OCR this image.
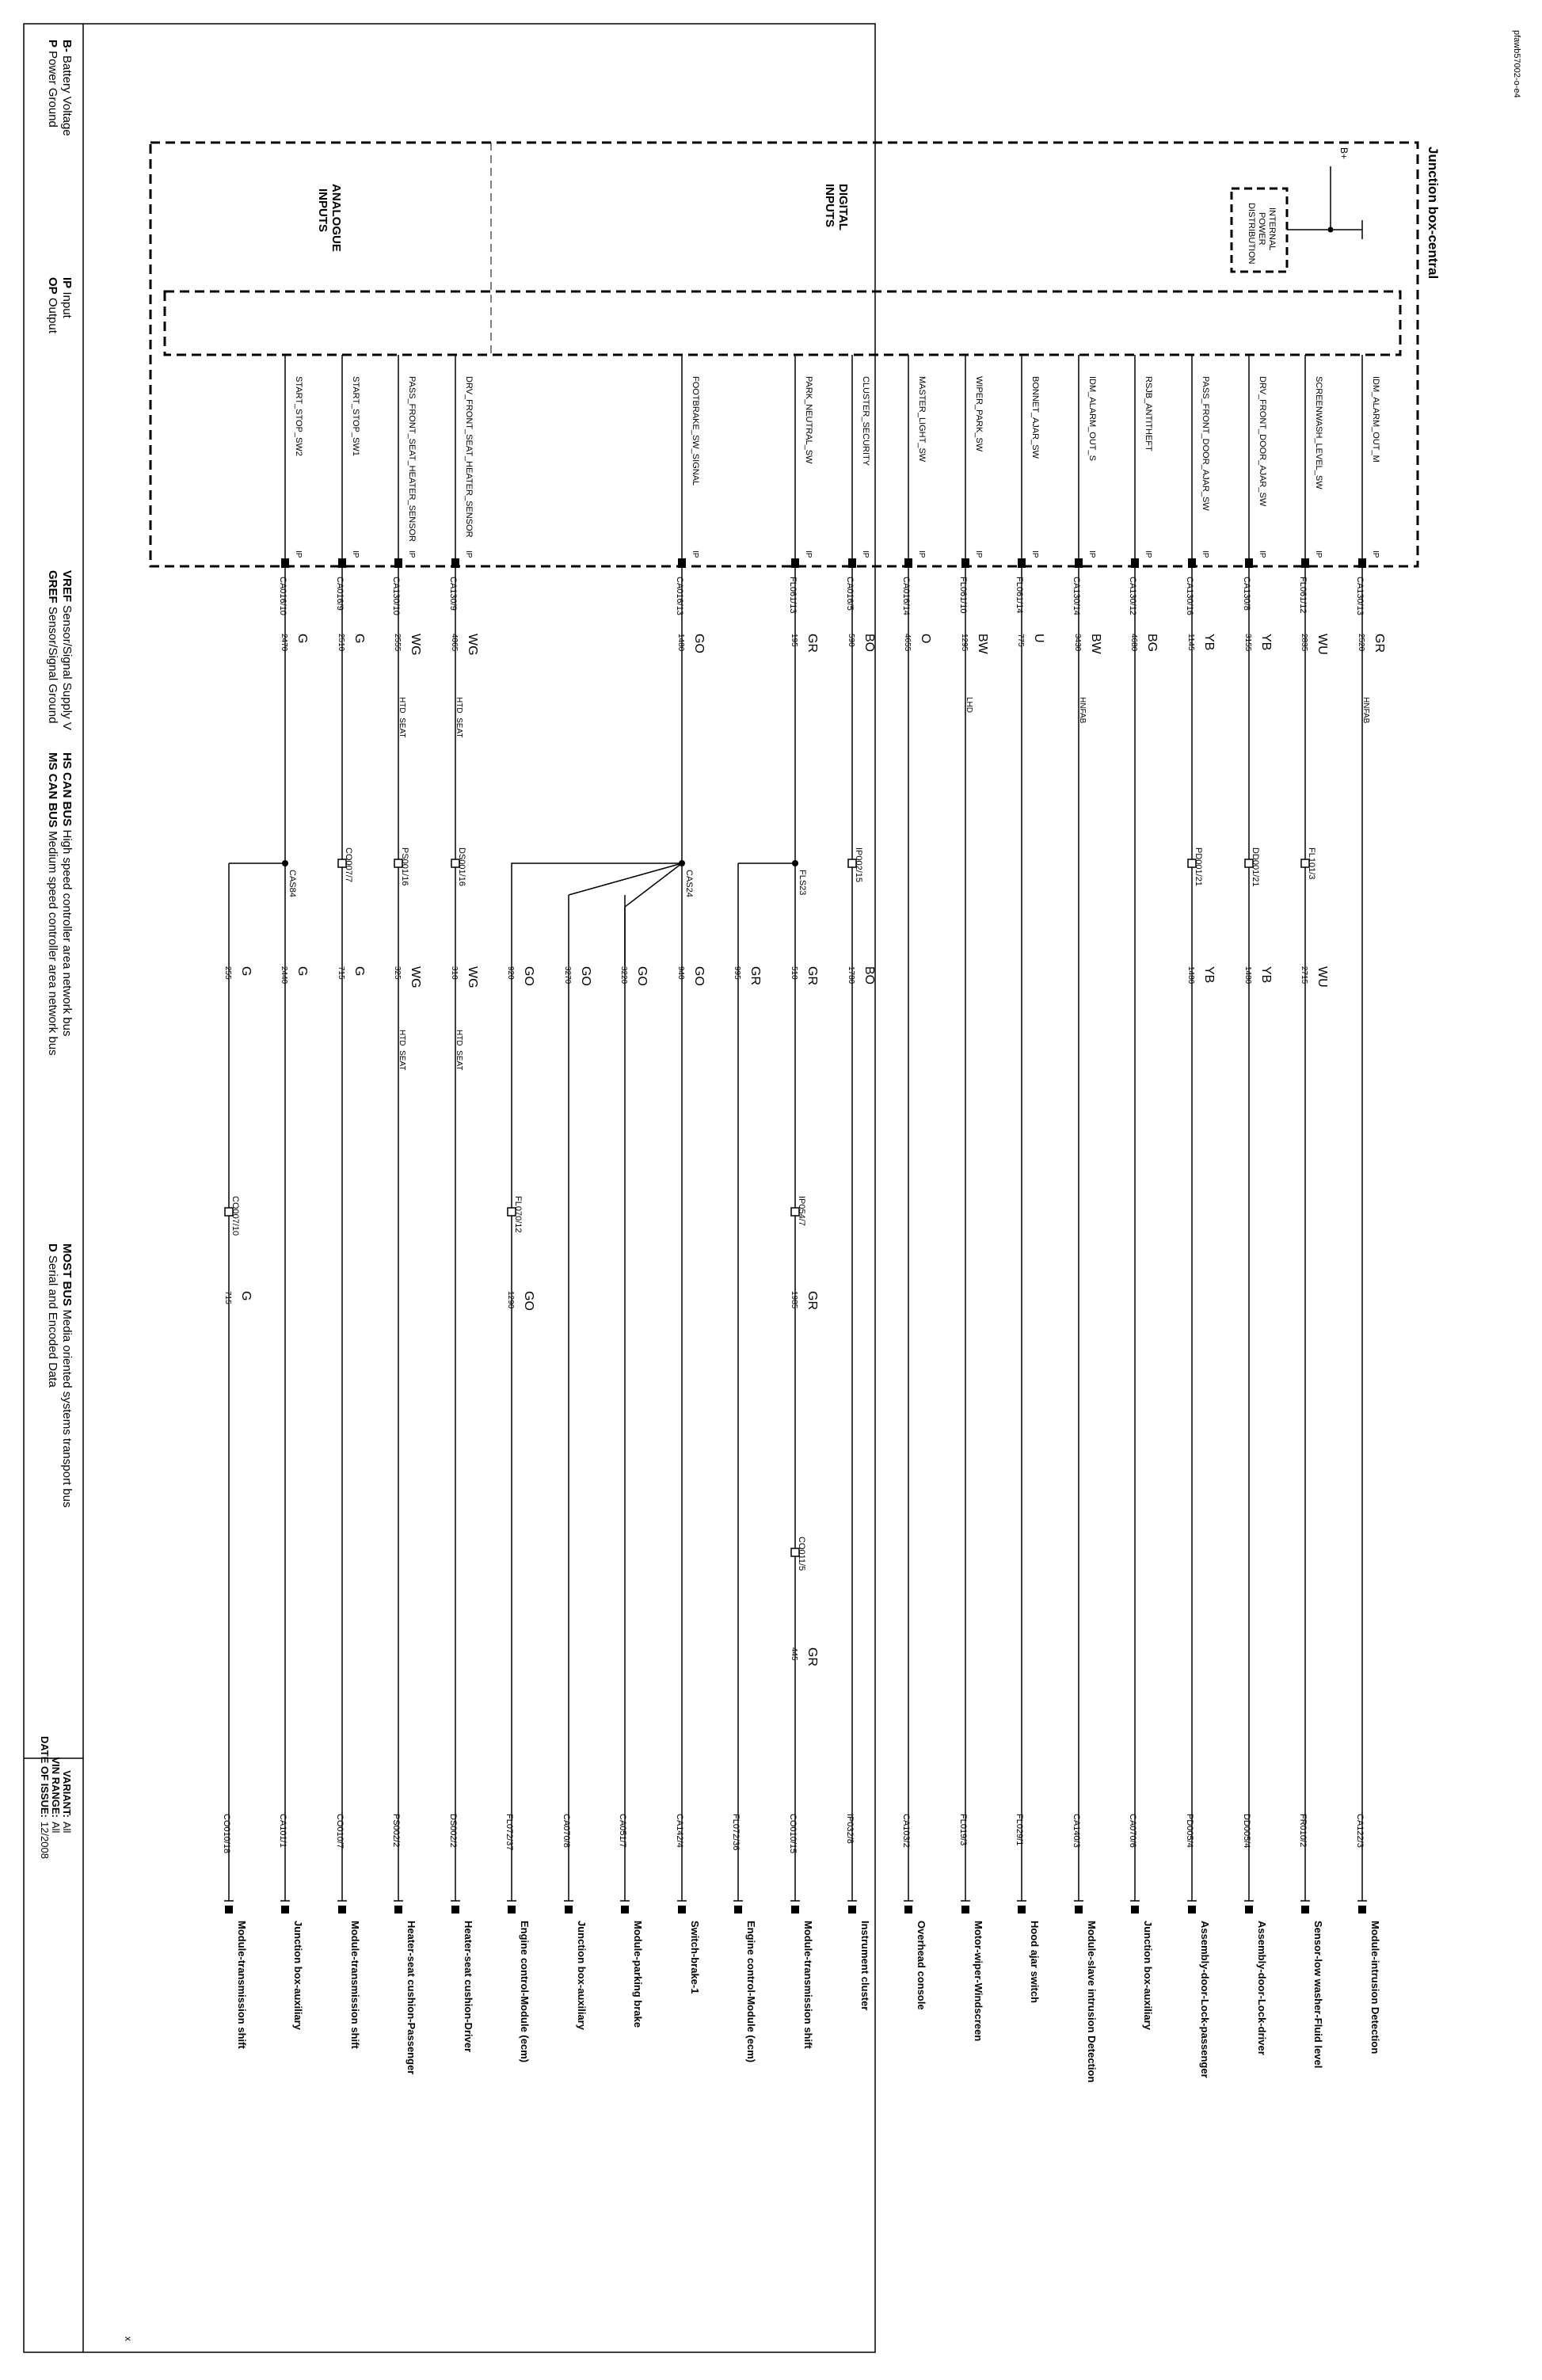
B- Battery Voltage
P Power Ground
IP Input
OP Output
VREF Sensor/Signal Supply V
GREF Sensor/Signal Ground
HS CAN BUS High speed controller area network bus
MS CAN BUS Medium speed controller area network bus
MOST BUS Media oriented systems transport bus
D Serial and Encoded Data
VARIANT:
All
VIN RANGE:
All
DATE OF ISSUE:
12/2008
pfawb57002-o-e4
Junction box-central
INTERNAL
POWER
DISTRIBUTION
B+
DIGITAL
INPUTS
ANALOGUE
INPUTS
IDM_ALARM_OUT_M
IP
CA130/13
GR
2520
HNFAB
CA122/3
Module-intrusion Detection
SCREENWASH_LEVEL_SW
IP
FL061/12
WU
2835
WU
2715
FL101/3
FR010/2
Sensor-low washer-Fluid level
DRV_FRONT_DOOR_AJAR_SW
IP
CA130/8
YB
3155
YB
1480
DD001/21
DD005/4
Assembly-door-Lock-driver
PASS_FRONT_DOOR_AJAR_SW
IP
CA130/16
YB
1145
YB
1480
PD001/21
PD005/4
Assembly-door-Lock-passenger
RSJB_ANTITHEFT
IP
CA130/12
BG
4680
CA070/6
Junction box-auxiliary
IDM_ALARM_OUT_S
IP
CA130/14
BW
3430
HNFAB
CA140/3
Module-slave intrusion Detection
BONNET_AJAR_SW
IP
FL061/14
U
775
FL029/1
Hood ajar switch
WIPER_PARK_SW
IP
FL061/10
BW
1295
LHD
FL019/3
Motor-wiper-Windscreen
MASTER_LIGHT_SW
IP
CA016/14
O
4655
CA103/2
Overhead console
CLUSTER_SECURITY
IP
CA016/5
BO
590
BO
1780
IP002/15
IP032/8
Instrument cluster
PARK_NEUTRAL_SW
IP
FL061/13
GR
195
GR
510
GR
1985
GR
445
FLS23
IP054/7
CO011/5
CO010/15
Module-transmission shift
GR
995
FL072/36
Engine control-Module (ecm)
FOOTBRAKE_SW_SIGNAL
IP
CA016/13
GO
1480
GO
940
CAS24
CA142/4
Switch-brake-1
GO
3220
CA051/7
Module-parking brake
GO
3270
CA070/8
Junction box-auxiliary
GO
920
GO
1290
FL070/12
FL072/37
Engine control-Module (ecm)
DRV_FRONT_SEAT_HEATER_SENSOR
IP
CA130/9
WG
4065
HTD_SEAT
WG
310
HTD_SEAT
DS001/16
DS002/2
Heater-seat cushion-Driver
PASS_FRONT_SEAT_HEATER_SENSOR
IP
CA130/10
WG
2555
HTD_SEAT
WG
325
HTD_SEAT
PS001/16
PS002/2
Heater-seat cushion-Passenger
START_STOP_SW1
IP
CA016/9
G
2510
G
715
CO007/7
CO010/7
Module-transmission shift
START_STOP_SW2
IP
CA016/10
G
2470
G
2440
CAS84
CA101/1
Junction box-auxiliary
G
255
G
715
CO007/10
CO010/18
Module-transmission shift
x
